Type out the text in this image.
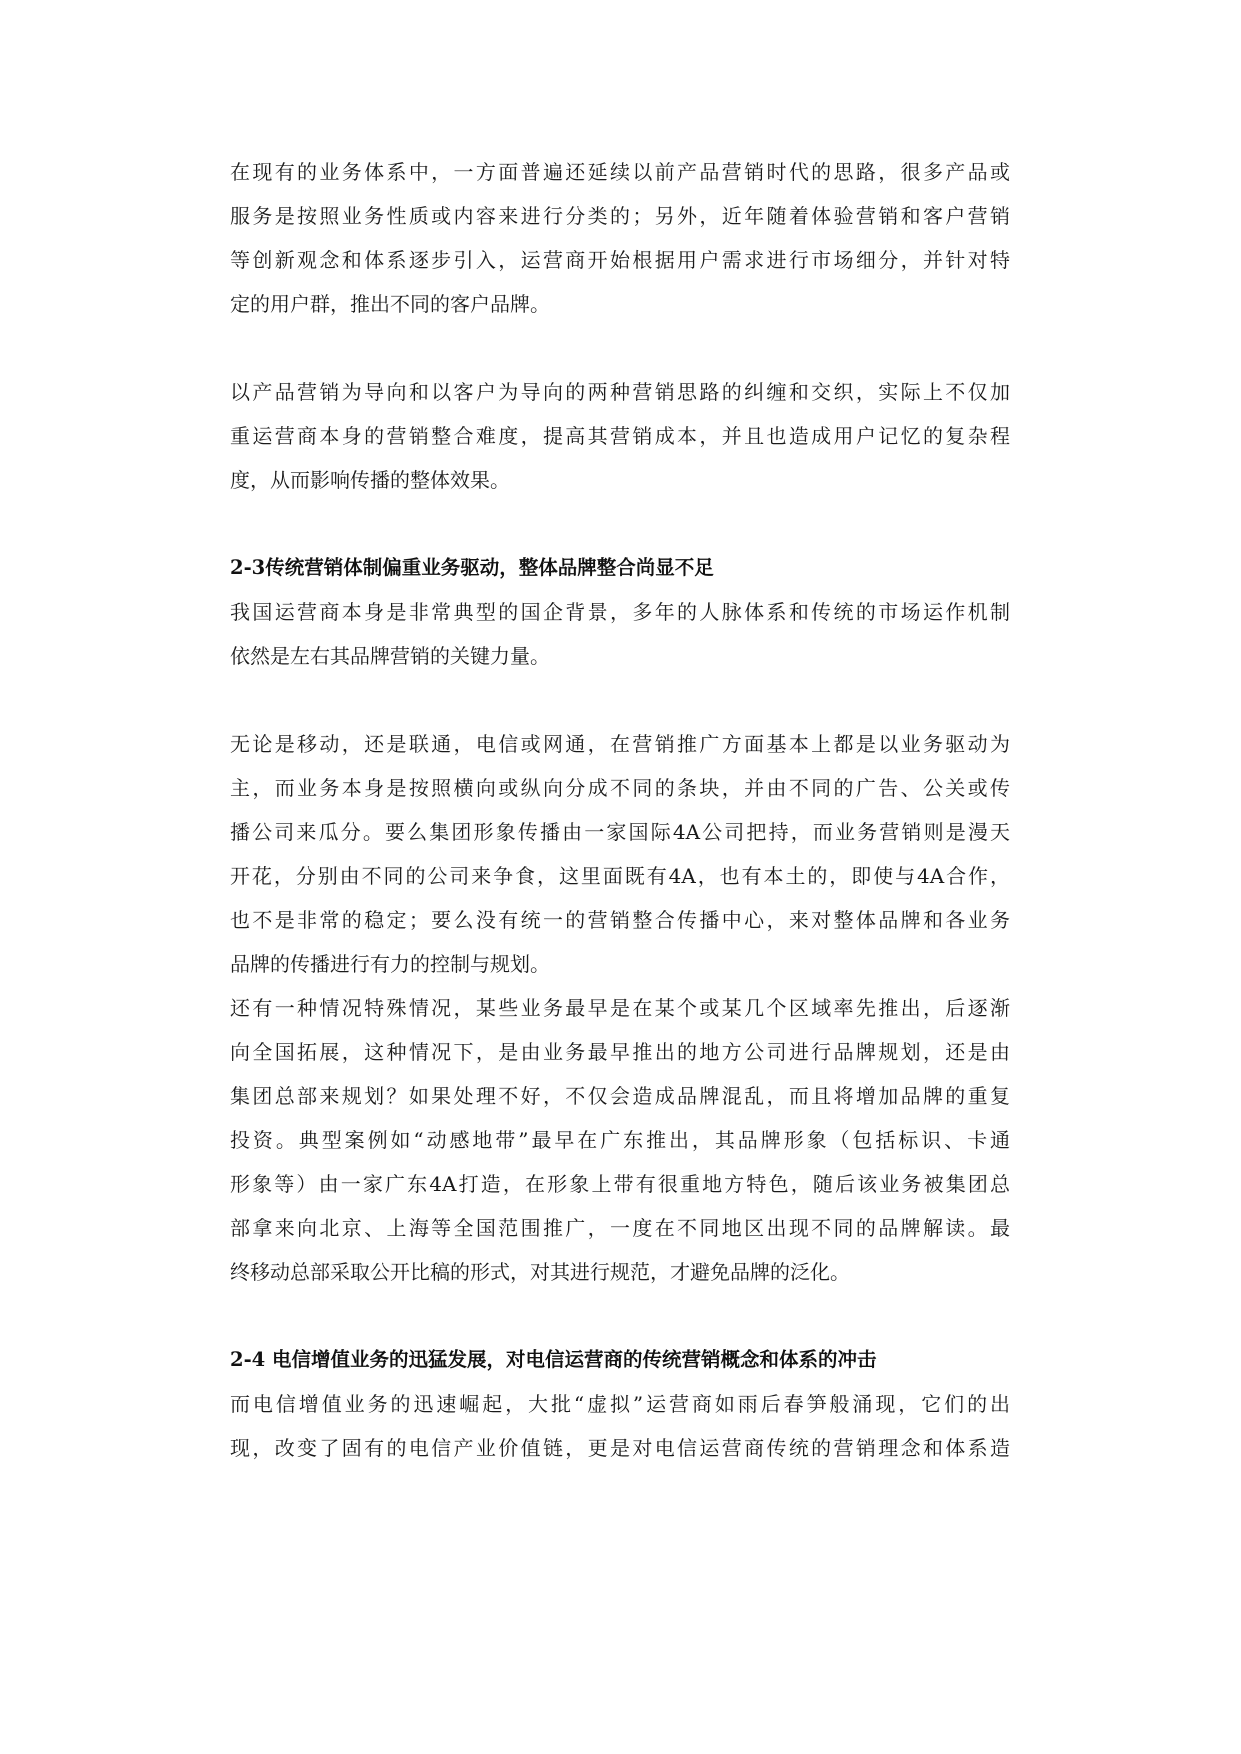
在现有的业务体系中，一方面普遍还延续以前产品营销时代的思路，很多产品或
服务是按照业务性质或内容来进行分类的；另外，近年随着体验营销和客户营销
等创新观念和体系逐步引入，运营商开始根据用户需求进行市场细分，并针对特
定的用户群，推出不同的客户品牌。
以产品营销为导向和以客户为导向的两种营销思路的纠缠和交织，实际上不仅加
重运营商本身的营销整合难度，提高其营销成本，并且也造成用户记忆的复杂程
度，从而影响传播的整体效果。
2-3传统营销体制偏重业务驱动，整体品牌整合尚显不足
我国运营商本身是非常典型的国企背景，多年的人脉体系和传统的市场运作机制
依然是左右其品牌营销的关键力量。
无论是移动，还是联通，电信或网通，在营销推广方面基本上都是以业务驱动为
主，而业务本身是按照横向或纵向分成不同的条块，并由不同的广告、公关或传
播公司来瓜分。要么集团形象传播由一家国际4A公司把持，而业务营销则是漫天
开花，分别由不同的公司来争食，这里面既有4A，也有本土的，即使与4A合作，
也不是非常的稳定；要么没有统一的营销整合传播中心，来对整体品牌和各业务
品牌的传播进行有力的控制与规划。
还有一种情况特殊情况，某些业务最早是在某个或某几个区域率先推出，后逐渐
向全国拓展，这种情况下，是由业务最早推出的地方公司进行品牌规划，还是由
集团总部来规划？如果处理不好，不仅会造成品牌混乱，而且将增加品牌的重复
投资。典型案例如“动感地带”最早在广东推出，其品牌形象（包括标识、卡通
形象等）由一家广东4A打造，在形象上带有很重地方特色，随后该业务被集团总
部拿来向北京、上海等全国范围推广，一度在不同地区出现不同的品牌解读。最
终移动总部采取公开比稿的形式，对其进行规范，才避免品牌的泛化。
2-4 电信增值业务的迅猛发展，对电信运营商的传统营销概念和体系的冲击
而电信增值业务的迅速崛起，大批“虚拟”运营商如雨后春笋般涌现，它们的出
现，改变了固有的电信产业价值链，更是对电信运营商传统的营销理念和体系造
